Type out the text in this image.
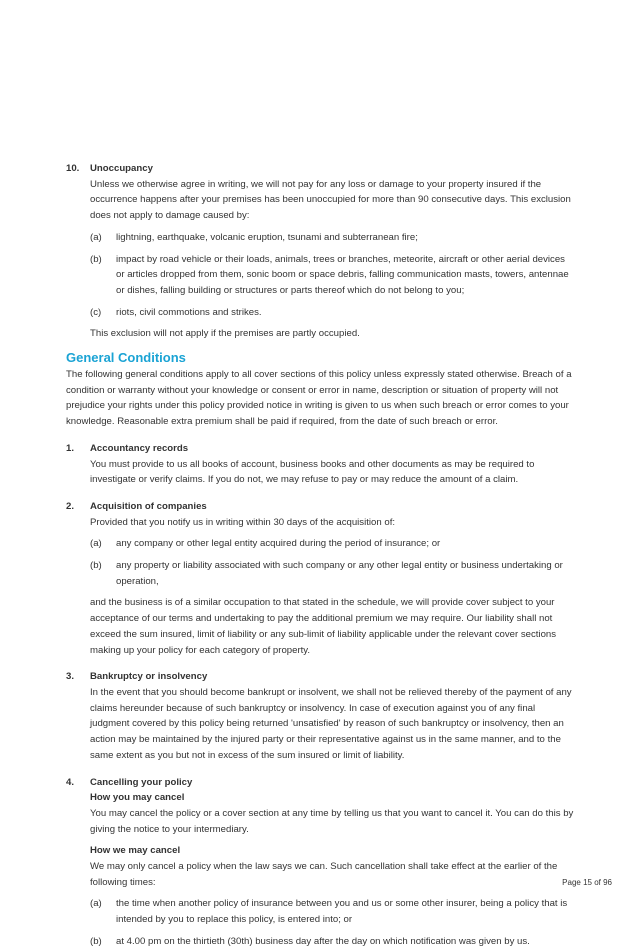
10. Unoccupancy

Unless we otherwise agree in writing, we will not pay for any loss or damage to your property insured if the occurrence happens after your premises has been unoccupied for more than 90 consecutive days. This exclusion does not apply to damage caused by:

(a) lightning, earthquake, volcanic eruption, tsunami and subterranean fire;
(b) impact by road vehicle or their loads, animals, trees or branches, meteorite, aircraft or other aerial devices or articles dropped from them, sonic boom or space debris, falling communication masts, towers, antennae or dishes, falling building or structures or parts thereof which do not belong to you;
(c) riots, civil commotions and strikes.

This exclusion will not apply if the premises are partly occupied.

General Conditions

The following general conditions apply to all cover sections of this policy unless expressly stated otherwise. Breach of a condition or warranty without your knowledge or consent or error in name, description or situation of property will not prejudice your rights under this policy provided notice in writing is given to us when such breach or error comes to your knowledge. Reasonable extra premium shall be paid if required, from the date of such breach or error.

1. Accountancy records

You must provide to us all books of account, business books and other documents as may be required to investigate or verify claims. If you do not, we may refuse to pay or may reduce the amount of a claim.

2. Acquisition of companies

Provided that you notify us in writing within 30 days of the acquisition of:

(a) any company or other legal entity acquired during the period of insurance; or
(b) any property or liability associated with such company or any other legal entity or business undertaking or operation,

and the business is of a similar occupation to that stated in the schedule, we will provide cover subject to your acceptance of our terms and undertaking to pay the additional premium we may require. Our liability shall not exceed the sum insured, limit of liability or any sub-limit of liability applicable under the relevant cover sections making up your policy for each category of property.

3. Bankruptcy or insolvency

In the event that you should become bankrupt or insolvent, we shall not be relieved thereby of the payment of any claims hereunder because of such bankruptcy or insolvency. In case of execution against you of any final judgment covered by this policy being returned 'unsatisfied' by reason of such bankruptcy or insolvency, then an action may be maintained by the injured party or their representative against us in the same manner, and to the same extent as you but not in excess of the sum insured or limit of liability.

4. Cancelling your policy
How you may cancel

You may cancel the policy or a cover section at any time by telling us that you want to cancel it. You can do this by giving the notice to your intermediary.

How we may cancel

We may only cancel a policy when the law says we can. Such cancellation shall take effect at the earlier of the following times:

(a) the time when another policy of insurance between you and us or some other insurer, being a policy that is intended by you to replace this policy, is entered into; or
(b) at 4.00 pm on the thirtieth (30th) business day after the day on which notification was given by us.
Page 15 of 96
